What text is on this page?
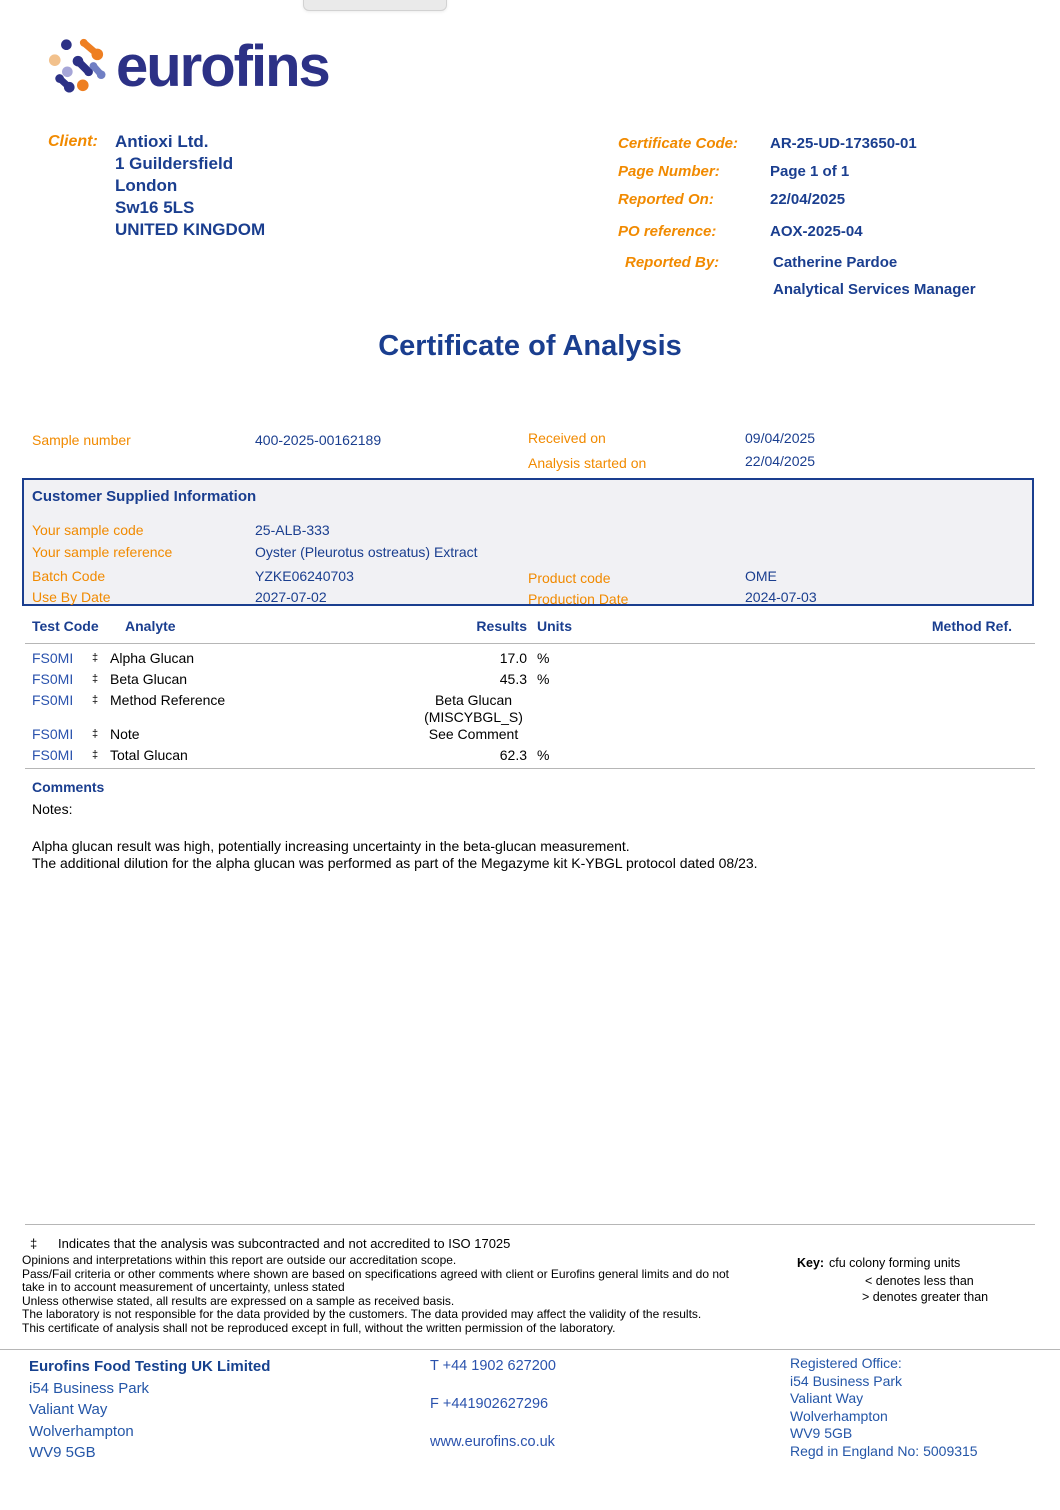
eurofins
Client: Antioxi Ltd.
1 Guildersfield
London
Sw16 5LS
UNITED KINGDOM
Certificate Code: AR-25-UD-173650-01
Page Number:	Page 1 of 1
Reported On:	22/04/2025
PO reference:	AOX-2025-04
Reported By:	Catherine Pardoe
Analytical Services Manager
Certificate of Analysis
Sample number	400-2025-00162189	Received on	09/04/2025
Analysis started on	22/04/2025
Customer Supplied Information
Your sample code	25-ALB-333
Your sample reference	Oyster (Pleurotus ostreatus) Extract
Batch Code	YZKE06240703	Product code	OME
Use By Date	2027-07-02	Production Date	2024-07-03
Test Code	Analyte	Results Units	Method Ref.
FS0MI	‡ Alpha Glucan	17.0 %
FS0MI	‡ Beta Glucan	45.3 %
FS0MI	‡ Method Reference	Beta Glucan
(MISCYBGL_S)
FS0MI	‡ Note	See Comment
FS0MI	‡ Total Glucan	62.3 %
Comments
Notes:
Alpha glucan result was high, potentially increasing uncertainty in the beta-glucan measurement.
The additional dilution for the alpha glucan was performed as part of the Megazyme kit K-YBGL protocol dated 08/23.
‡ Indicates that the analysis was subcontracted and not accredited to ISO 17025
Opinions and interpretations within this report are outside our accreditation scope.
Pass/Fail criteria or other comments where shown are based on specifications agreed with client or Eurofins general limits and do not
take in to account measurement of uncertainty, unless stated
Unless otherwise stated, all results are expressed on a sample as received basis.
The laboratory is not responsible for the data provided by the customers. The data provided may affect the validity of the results.
This certificate of analysis shall not be reproduced except in full, without the written permission of the laboratory.
Key: cfu colony forming units
< denotes less than
> denotes greater than
Eurofins Food Testing UK Limited
i54 Business Park
Valiant Way
Wolverhampton
WV9 5GB
T +44 1902 627200
F +441902627296
www.eurofins.co.uk
Registered Office:
i54 Business Park
Valiant Way
Wolverhampton
WV9 5GB
Regd in England No: 5009315
